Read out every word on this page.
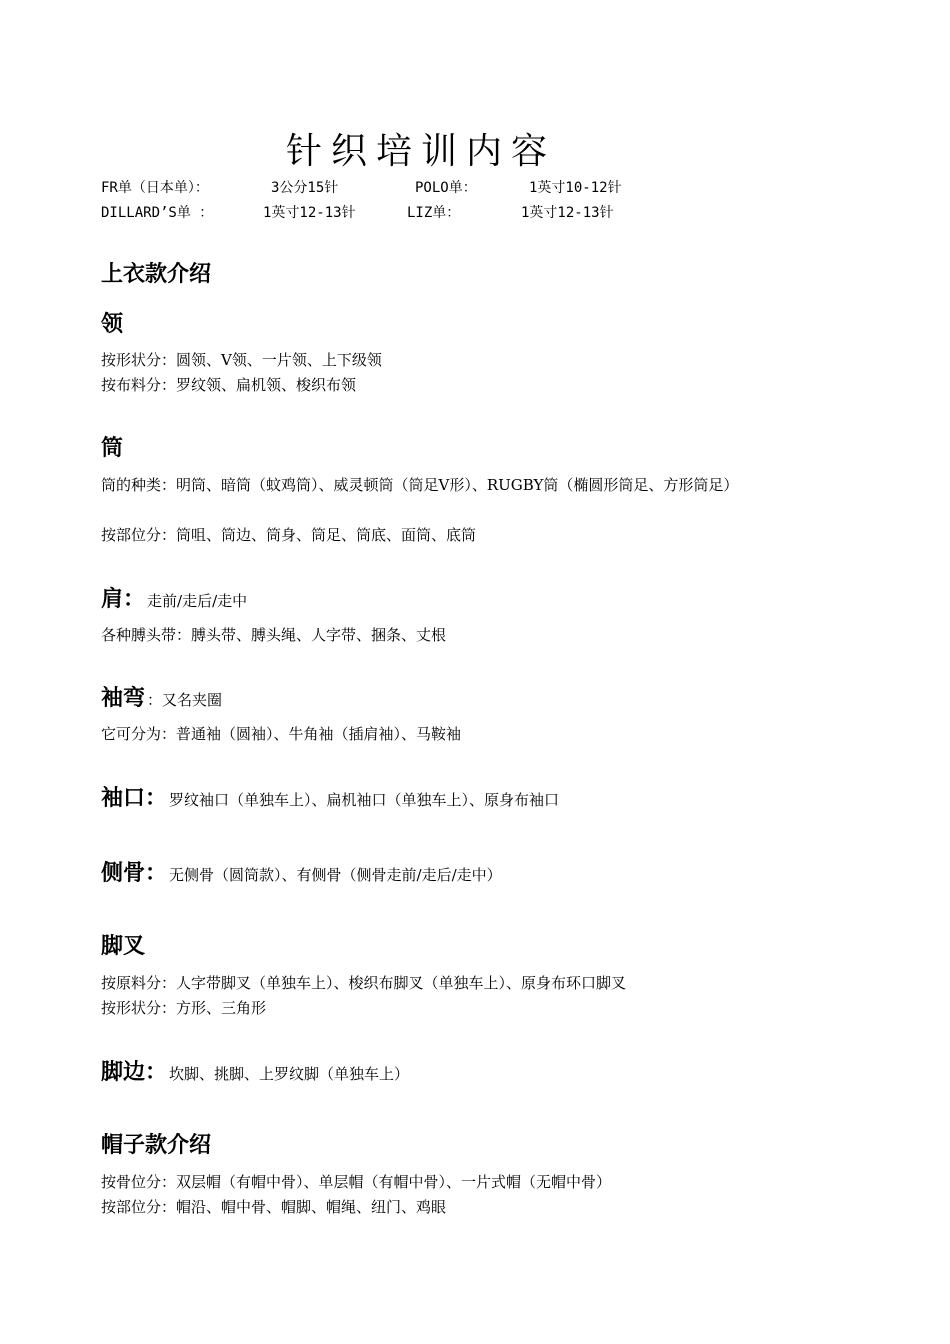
针织培训内容
FR单（日本单）：	3公分15针	POLO单：	1英寸10-12针
DILLARD’S单 ：	1英寸12-13针	LIZ单：	1英寸12-13针
上衣款介绍
领
按形状分：圆领、V领、一片领、上下级领
按布料分：罗纹领、扁机领、梭织布领
筒
筒的种类：明筒、暗筒（蚊鸡筒）、威灵顿筒（筒足V形）、RUGBY筒（椭圆形筒足、方形筒足）
按部位分：筒咀、筒边、筒身、筒足、筒底、面筒、底筒
肩： 走前/走后/走中
各种膊头带：膊头带、膊头绳、人字带、捆条、丈根
袖弯 ：又名夹圈
它可分为：普通袖（圆袖）、牛角袖（插肩袖）、马鞍袖
袖口： 罗纹袖口（单独车上）、扁机袖口（单独车上）、原身布袖口
侧骨： 无侧骨（圆筒款）、有侧骨（侧骨走前/走后/走中）
脚叉
按原料分：人字带脚叉（单独车上）、梭织布脚叉（单独车上）、原身布环口脚叉
按形状分：方形、三角形
脚边： 坎脚、挑脚、上罗纹脚（单独车上）
帽子款介绍
按骨位分：双层帽（有帽中骨）、单层帽（有帽中骨）、一片式帽（无帽中骨）
按部位分：帽沿、帽中骨、帽脚、帽绳、纽门、鸡眼
